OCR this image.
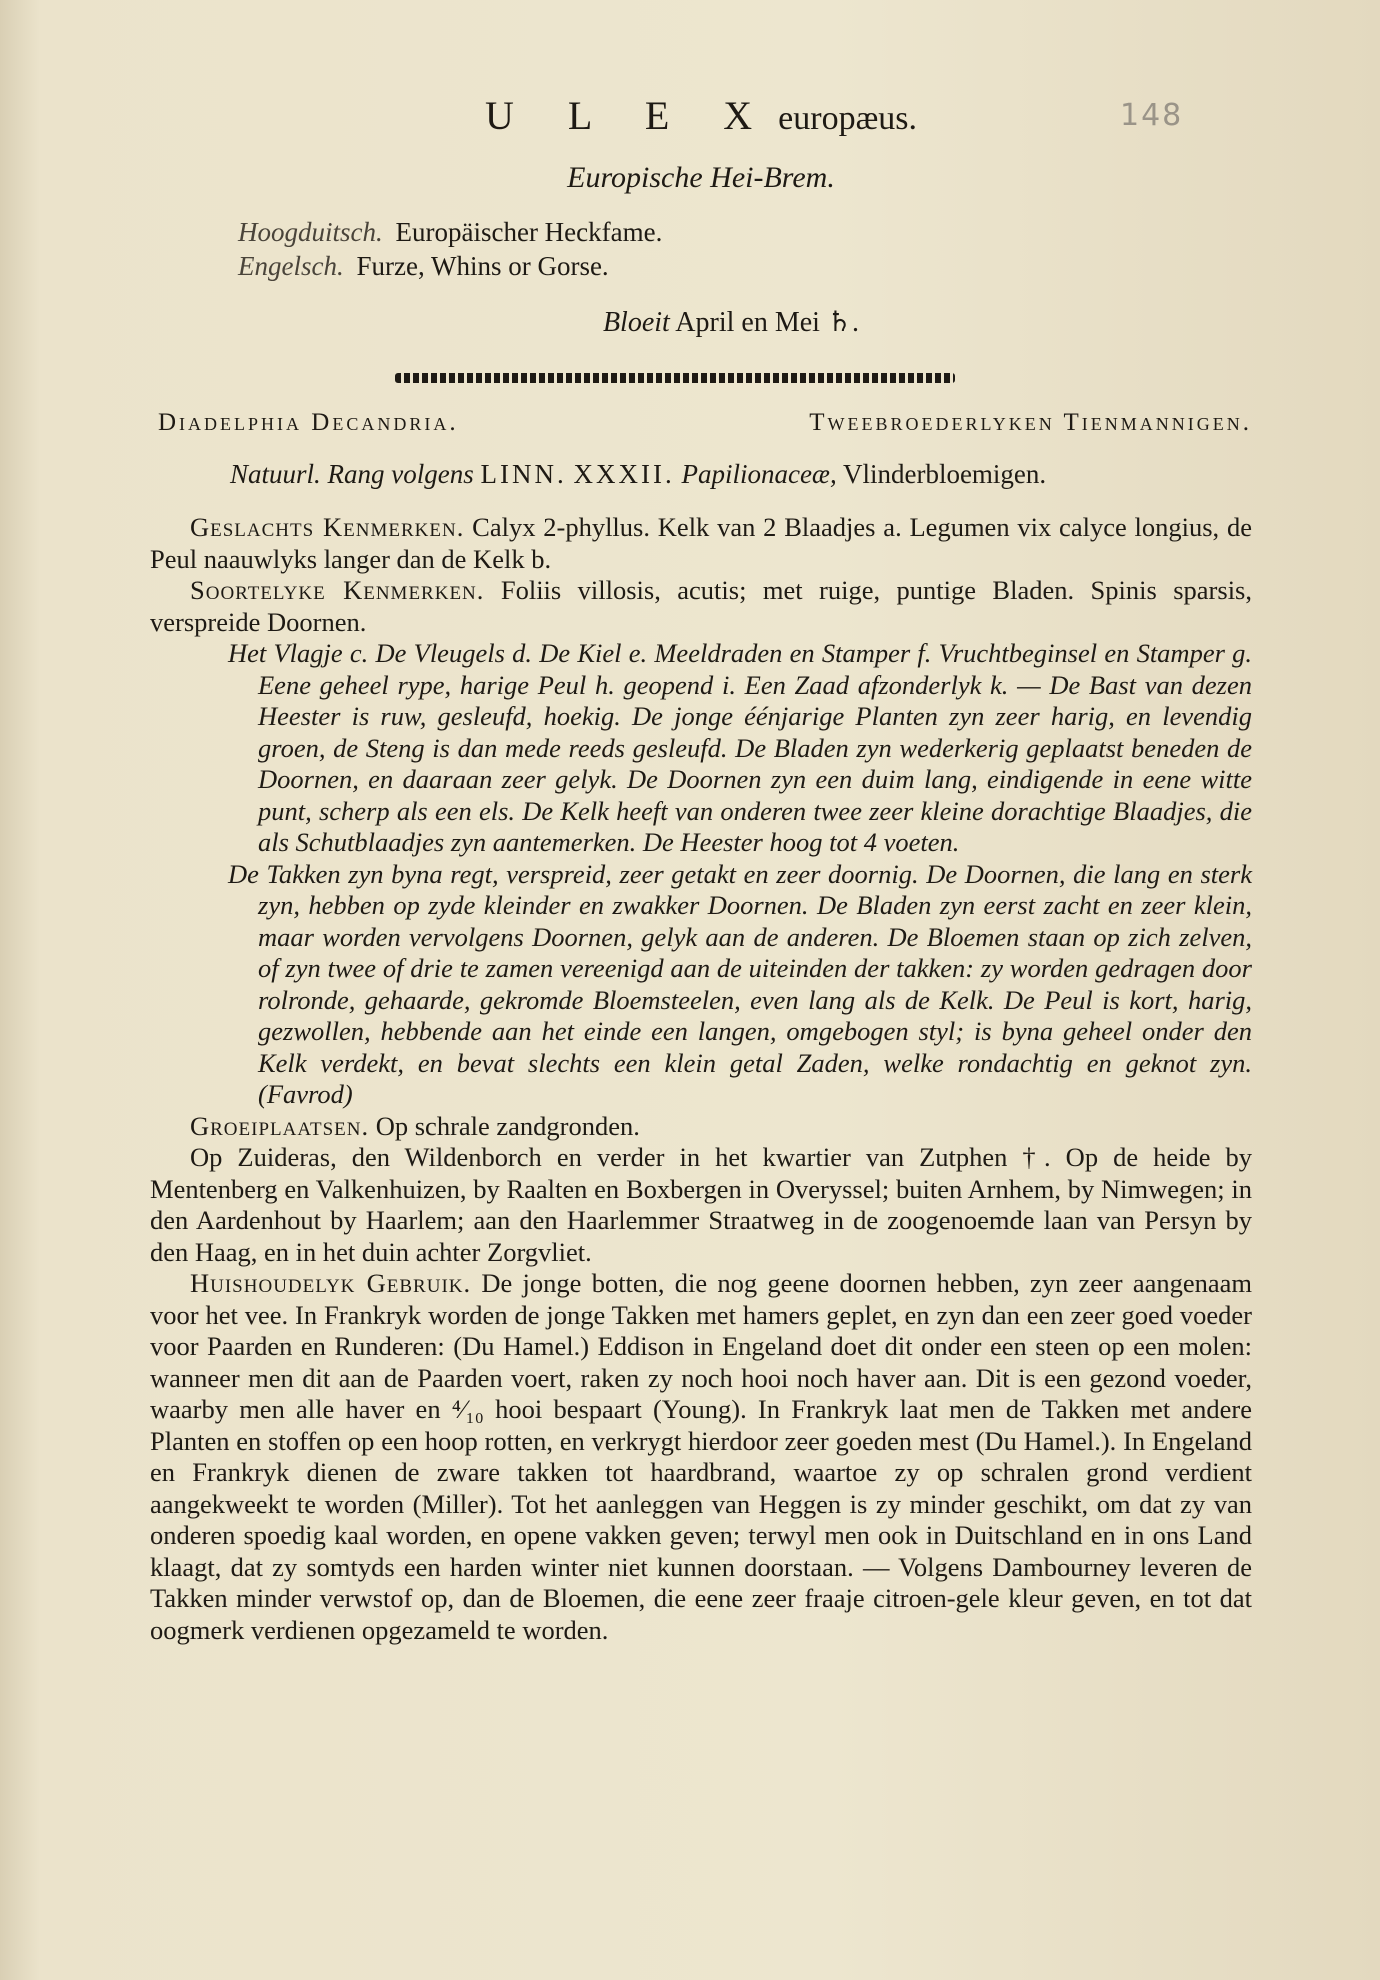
U L E X europæus.	148
Europische Hei-Brem.
Hoogduitsch. Europäischer Heckfame.
Engelsch. Furze, Whins or Gorse.
Bloeit April en Mei ♄.
Diadelphia Decandria.	Tweebroederlyken Tienmannigen.
Natuurl. Rang volgens LINN. XXXII. Papilionaceæ, Vlinderbloemigen.

Geslachts Kenmerken. Calyx 2-phyllus. Kelk van 2 Blaadjes a. Legumen vix calyce longius, de Peul naauwlyks langer dan de Kelk b.

Soortelyke Kenmerken. Foliis villosis, acutis; met ruige, puntige Bladen. Spinis sparsis, verspreide Doornen.

Het Vlagje c. De Vleugels d. De Kiel e. Meeldraden en Stamper f. Vruchtbeginsel en Stamper g. Eene geheel rype, harige Peul h. geopend i. Een Zaad afzonderlyk k. — De Bast van dezen Heester is ruw, gesleufd, hoekig. De jonge éénjarige Planten zyn zeer harig, en levendig groen, de Steng is dan mede reeds gesleufd. De Bladen zyn wederkerig geplaatst beneden de Doornen, en daaraan zeer gelyk. De Doornen zyn een duim lang, eindigende in eene witte punt, scherp als een els. De Kelk heeft van onderen twee zeer kleine dorachtige Blaadjes, die als Schutblaadjes zyn aantemerken. De Heester hoog tot 4 voeten.

De Takken zyn byna regt, verspreid, zeer getakt en zeer doornig. De Doornen, die lang en sterk zyn, hebben op zyde kleinder en zwakker Doornen. De Bladen zyn eerst zacht en zeer klein, maar worden vervolgens Doornen, gelyk aan de anderen. De Bloemen staan op zich zelven, of zyn twee of drie te zamen vereenigd aan de uiteinden der takken: zy worden gedragen door rolronde, gehaarde, gekromde Bloemsteelen, even lang als de Kelk. De Peul is kort, harig, gezwollen, hebbende aan het einde een langen, omgebogen styl; is byna geheel onder den Kelk verdekt, en bevat slechts een klein getal Zaden, welke rondachtig en geknot zyn. (Favrod)

Groeiplaatsen. Op schrale zandgronden.

Op Zuideras, den Wildenborch en verder in het kwartier van Zutphen †. Op de heide by Mentenberg en Valkenhuizen, by Raalten en Boxbergen in Overyssel; buiten Arnhem, by Nimwegen; in den Aardenhout by Haarlem; aan den Haarlemmer Straatweg in de zoogenoemde laan van Persyn by den Haag, en in het duin achter Zorgvliet.

Huishoudelyk Gebruik. De jonge botten, die nog geene doornen hebben, zyn zeer aangenaam voor het vee. In Frankryk worden de jonge Takken met hamers geplet, en zyn dan een zeer goed voeder voor Paarden en Runderen: (Du Hamel.) Eddison in Engeland doet dit onder een steen op een molen: wanneer men dit aan de Paarden voert, raken zy noch hooi noch haver aan. Dit is een gezond voeder, waarby men alle haver en ⁴⁄₁₀ hooi bespaart (Young). In Frankryk laat men de Takken met andere Planten en stoffen op een hoop rotten, en verkrygt hierdoor zeer goeden mest (Du Hamel.). In Engeland en Frankryk dienen de zware takken tot haardbrand, waartoe zy op schralen grond verdient aangekweekt te worden (Miller). Tot het aanleggen van Heggen is zy minder geschikt, om dat zy van onderen spoedig kaal worden, en opene vakken geven; terwyl men ook in Duitschland en in ons Land klaagt, dat zy somtyds een harden winter niet kunnen doorstaan. — Volgens Dambourney leveren de Takken minder verwstof op, dan de Bloemen, die eene zeer fraaje citroen-gele kleur geven, en tot dat oogmerk verdienen opgezameld te worden.
